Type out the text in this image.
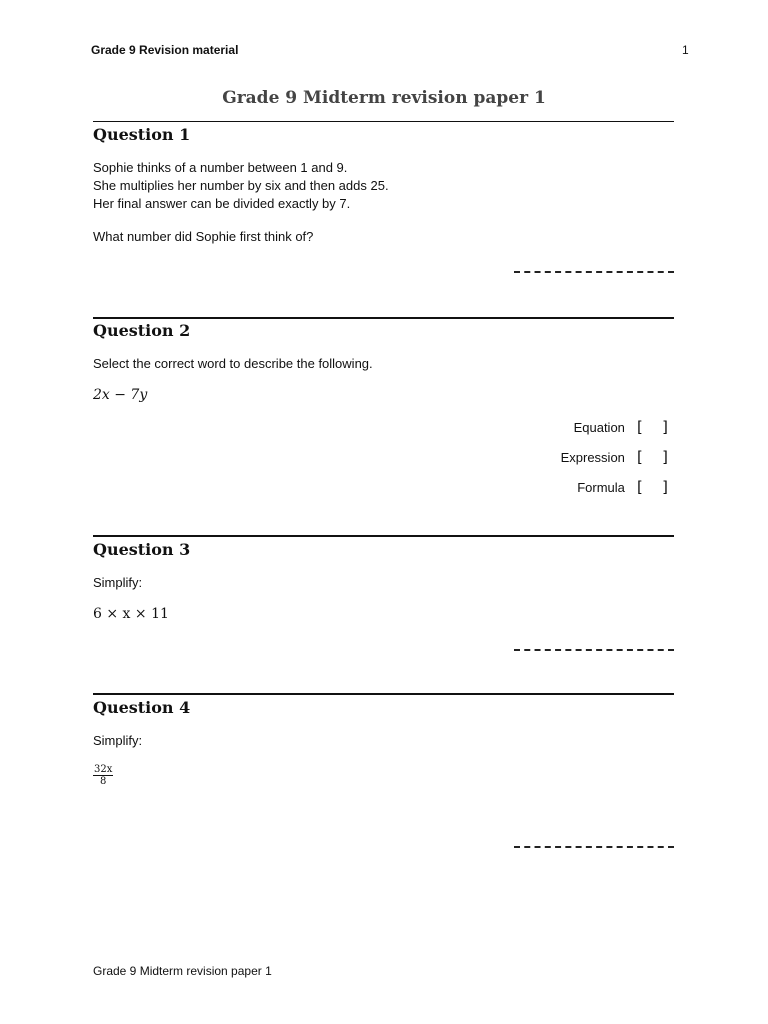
Grade 9 Revision material	1
Grade 9 Midterm revision paper 1
Question 1
Sophie thinks of a number between 1 and 9.
She multiplies her number by six and then adds 25.
Her final answer can be divided exactly by 7.
What number did Sophie first think of?
Question 2
Select the correct word to describe the following.
2x − 7y
Equation [ ]
Expression [ ]
Formula [ ]
Question 3
Simplify:
6 × x × 11
Question 4
Simplify:
$\frac{32x}{8}$
Grade 9 Midterm revision paper 1
